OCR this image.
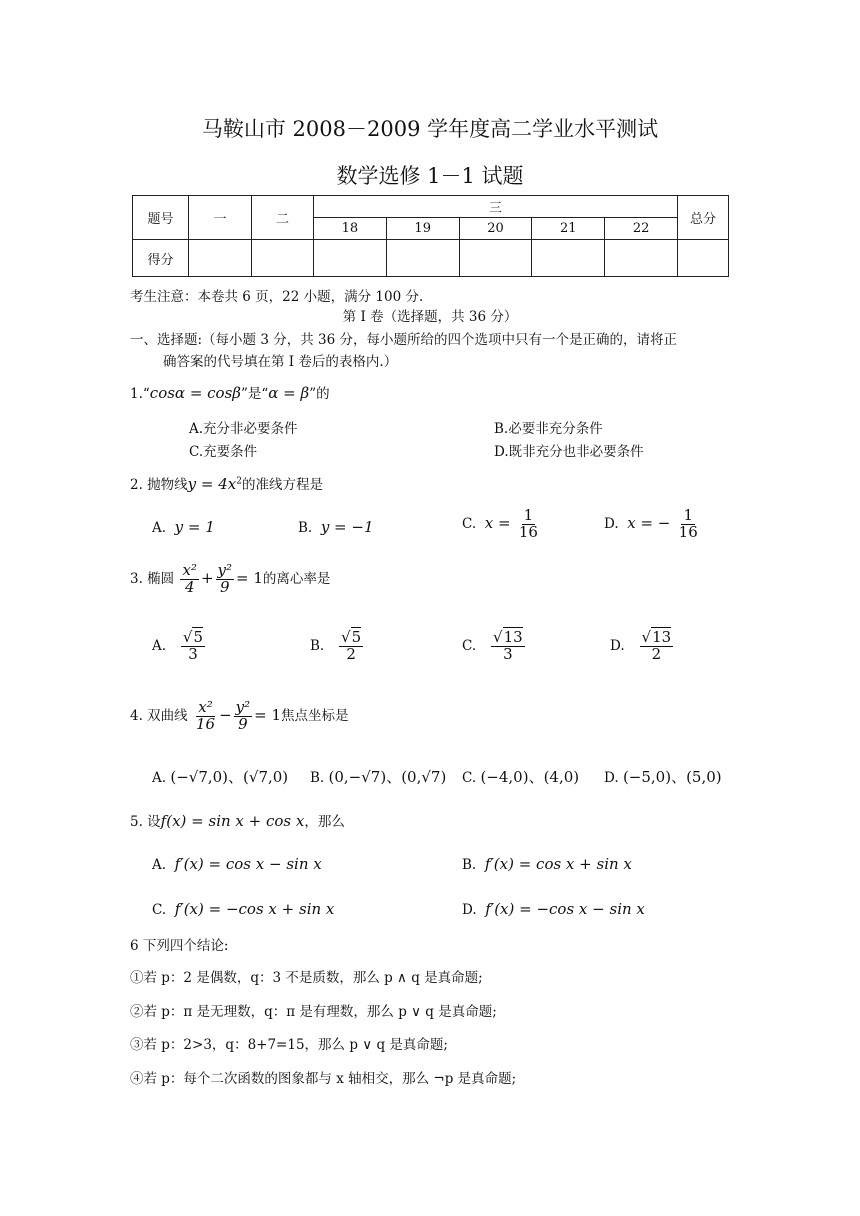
马鞍山市 2008－2009 学年度高二学业水平测试
数学选修 1－1 试题
题号	一	二	三					总分
			18	19	20	21	22	
得分								
考生注意：本卷共 6 页，22 小题，满分 100 分.
第 I 卷（选择题，共 36 分）
一、选择题:（每小题 3 分，共 36 分，每小题所给的四个选项中只有一个是正确的，请将正
确答案的代号填在第 I 卷后的表格内.）
1.“cosα = cosβ”是“α = β”的
A.充分非必要条件	B.必要非充分条件
C.充要条件	D.既非充分也非必要条件
2. 抛物线$y = 4x^2$的准线方程是
A. y = 1	B. y = −1	C. $x = \frac{1}{16}$	D. x = − $\frac{1}{16}$
3. 椭圆 $\frac{\text{x²}}{4} + \frac{\text{y²}}{9} = 1$的离心率是
A. $\frac{√5}{3}$	B. $\frac{√5}{2}$	C. $\frac{√13}{3}$	D. $\frac{√13}{2}$
4. 双曲线 $\frac{\text{x²}}{16} - \frac{\text{y²}}{9} = 1$焦点坐标是
A. (−√7,0)、(√7,0) B. (0,−√7)、(0,√7) C. (−4,0)、(4,0) D. (−5,0)、(5,0)
5. 设f(x) = sin x + cos x，那么
A. f′(x) = cos x − sin x	B. f′(x) = cos x + sin x
C. f′(x) = −cos x + sin x	D. f′(x) = −cos x − sin x
6 下列四个结论:
①若 p：2 是偶数，q：3 不是质数，那么 p ∧ q 是真命题;
②若 p：π 是无理数，q：π 是有理数，那么 p ∨ q 是真命题;
③若 p：2>3，q：8+7=15，那么 p ∨ q 是真命题;
④若 p：每个二次函数的图象都与 x 轴相交，那么 ¬p 是真命题;
